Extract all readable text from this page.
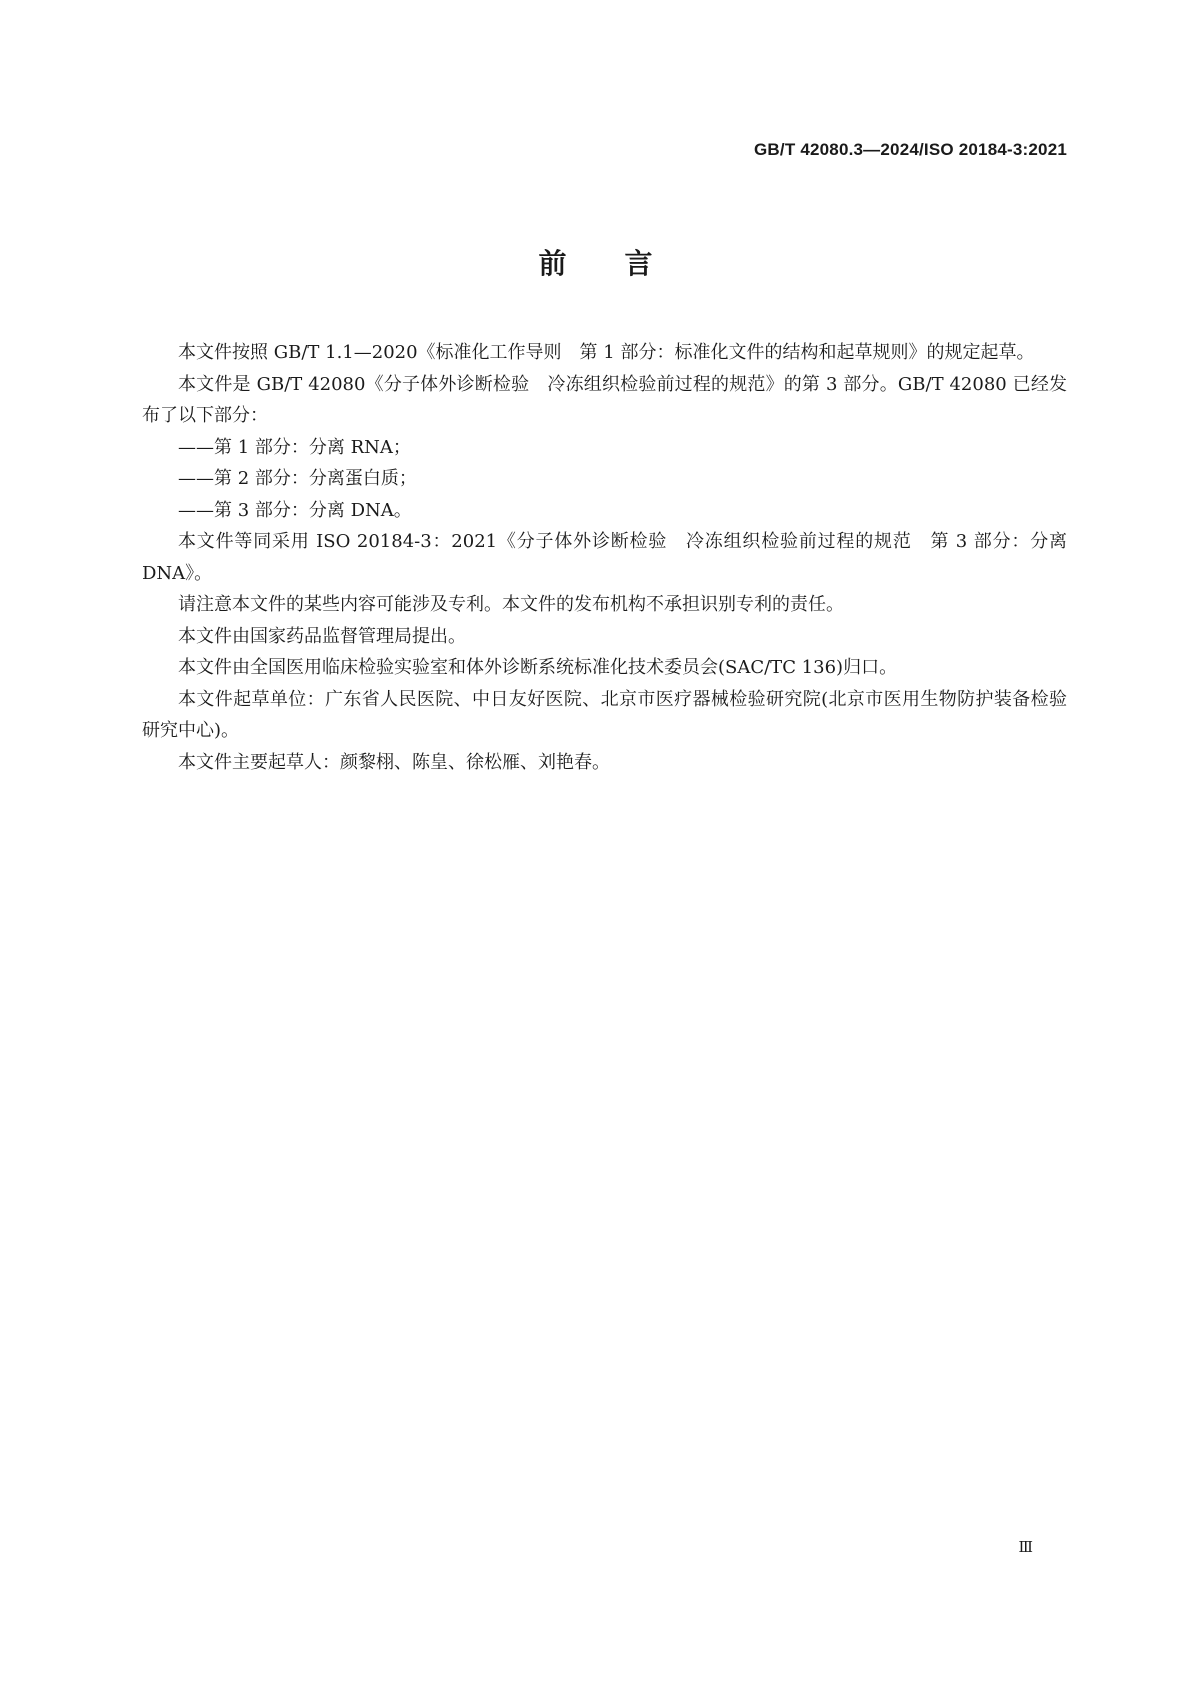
GB/T 42080.3—2024/ISO 20184-3:2021
前言

本文件按照 GB/T 1.1—2020《标准化工作导则　第 1 部分：标准化文件的结构和起草规则》的规定起草。

本文件是 GB/T 42080《分子体外诊断检验　冷冻组织检验前过程的规范》的第 3 部分。GB/T 42080 已经发布了以下部分：

——第 1 部分：分离 RNA；

——第 2 部分：分离蛋白质；

——第 3 部分：分离 DNA。

本文件等同采用 ISO 20184-3：2021《分子体外诊断检验　冷冻组织检验前过程的规范　第 3 部分：分离 DNA》。

请注意本文件的某些内容可能涉及专利。本文件的发布机构不承担识别专利的责任。

本文件由国家药品监督管理局提出。

本文件由全国医用临床检验实验室和体外诊断系统标准化技术委员会(SAC/TC 136)归口。

本文件起草单位：广东省人民医院、中日友好医院、北京市医疗器械检验研究院(北京市医用生物防护装备检验研究中心)。

本文件主要起草人：颜黎栩、陈皇、徐松雁、刘艳春。

Ⅲ
